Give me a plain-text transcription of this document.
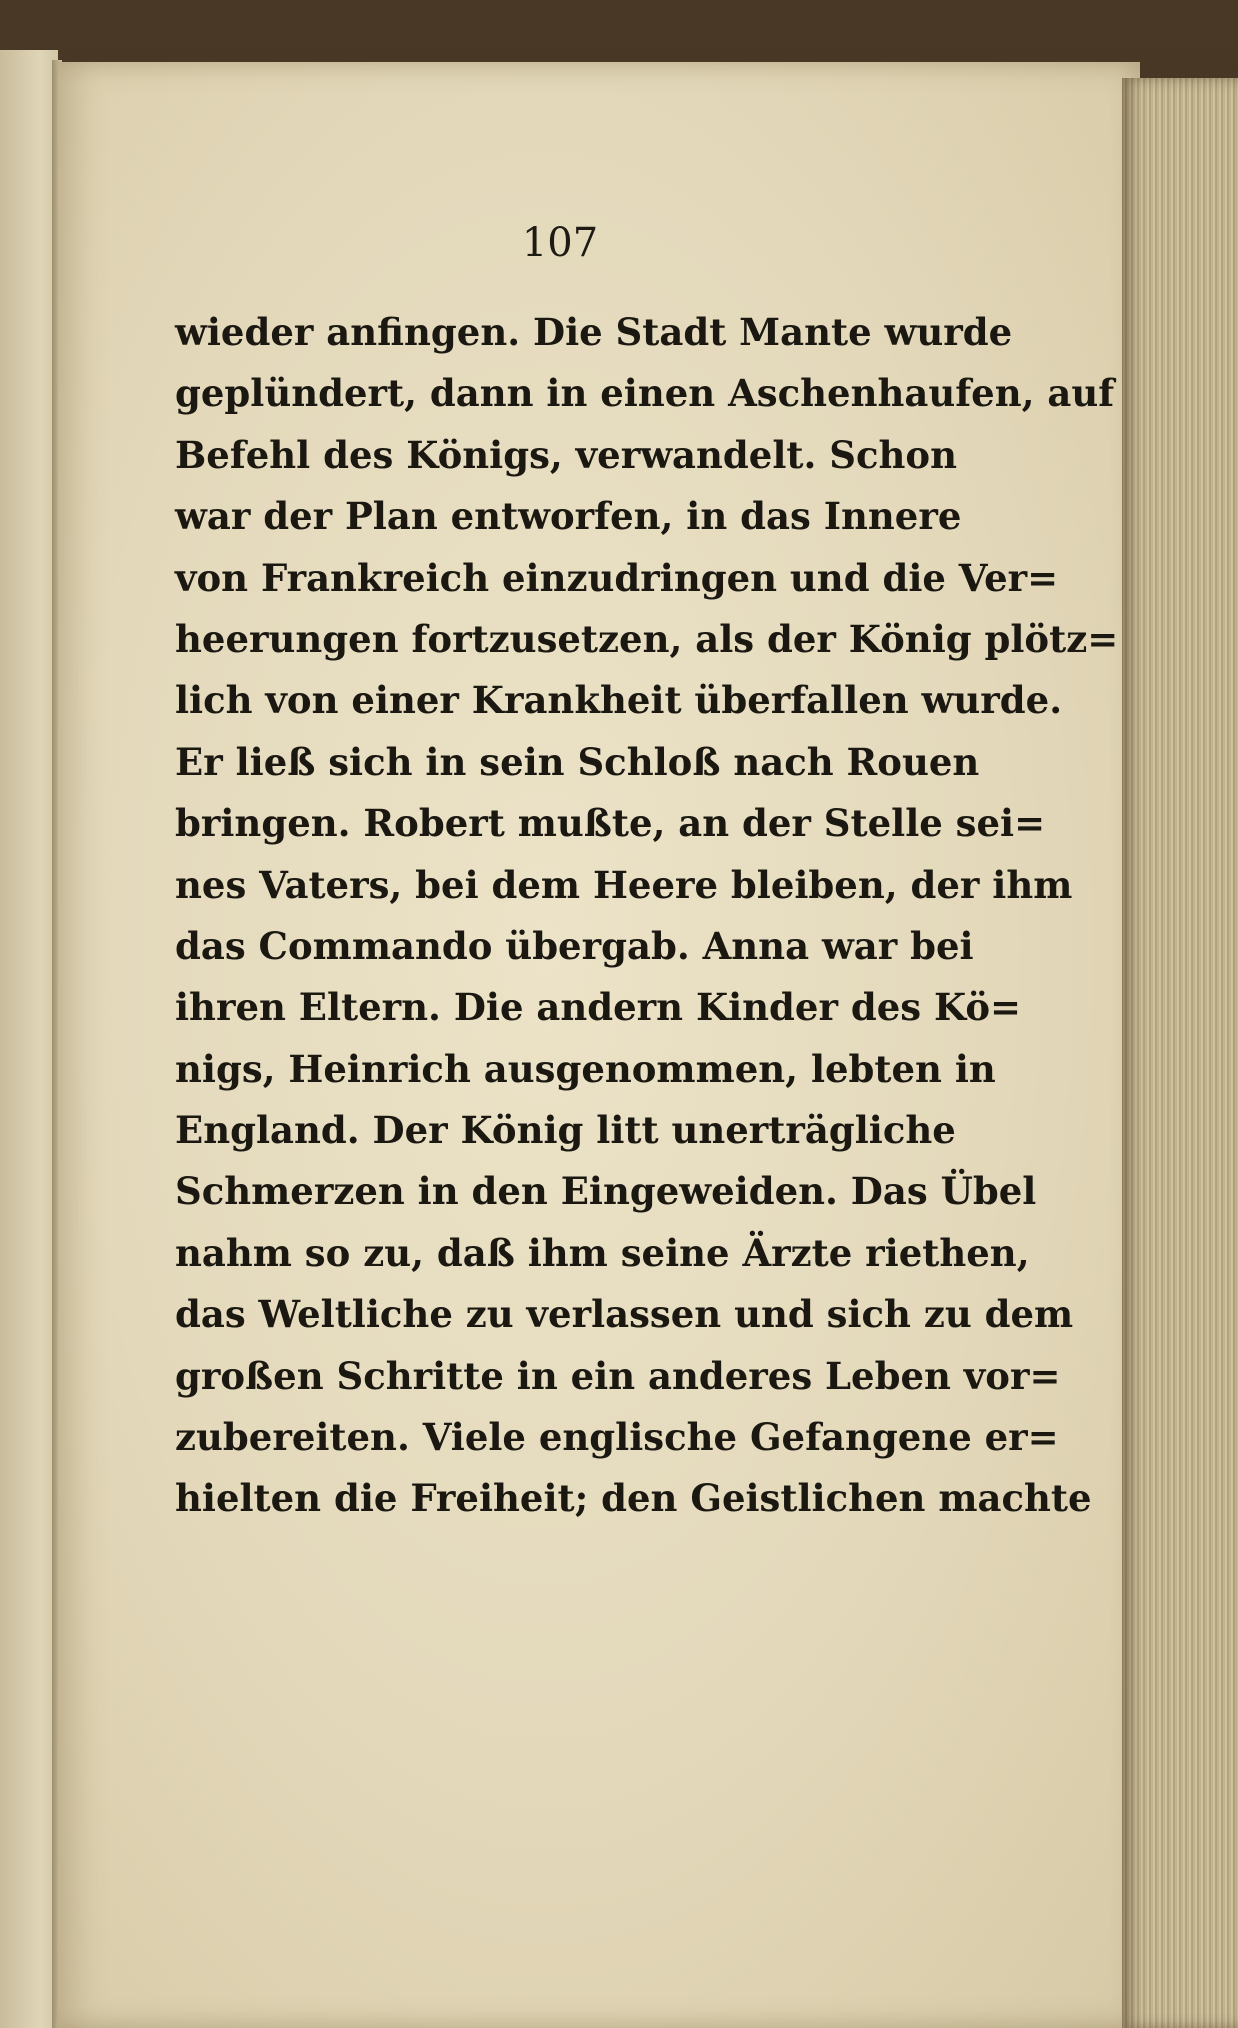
107
wieder anfingen. Die Stadt Mante wurde
geplündert, dann in einen Aschenhaufen, auf
Befehl des Königs, verwandelt. Schon
war der Plan entworfen, in das Innere
von Frankreich einzudringen und die Ver=
heerungen fortzusetzen, als der König plötz=
lich von einer Krankheit überfallen wurde.
Er ließ sich in sein Schloß nach Rouen
bringen. Robert mußte, an der Stelle sei=
nes Vaters, bei dem Heere bleiben, der ihm
das Commando übergab. Anna war bei
ihren Eltern. Die andern Kinder des Kö=
nigs, Heinrich ausgenommen, lebten in
England. Der König litt unerträgliche
Schmerzen in den Eingeweiden. Das Übel
nahm so zu, daß ihm seine Ärzte riethen,
das Weltliche zu verlassen und sich zu dem
großen Schritte in ein anderes Leben vor=
zubereiten. Viele englische Gefangene er=
hielten die Freiheit; den Geistlichen machte
